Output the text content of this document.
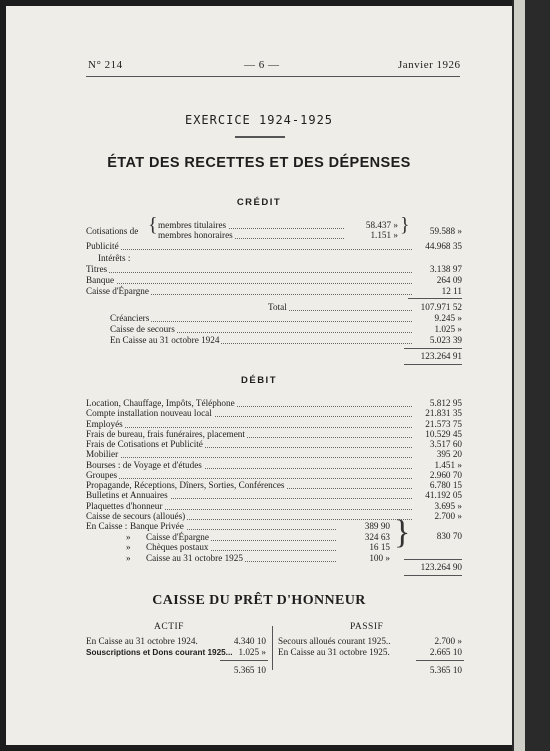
N° 214	— 6 —	Janvier 1926
EXERCICE 1924-1925
ÉTAT DES RECETTES ET DES DÉPENSES
CRÉDIT
Cotisations de { membres titulaires	58.437 »
membres honoraires	1.151 » }	59.588 »
Publicité	44.968 35
Intérêts :
Titres	3.138 97
Banque	264 09
Caisse d'Épargne	12 11
Total	107.971 52
Créanciers	9.245 »
Caisse de secours	1.025 »
En Caisse au 31 octobre 1924	5.023 39
123.264 91
DÉBIT
Location, Chauffage, Impôts, Téléphone	5.812 95
Compte installation nouveau local	21.831 35
Employés	21.573 75
Frais de bureau, frais funéraires, placement	10.529 45
Frais de Cotisations et Publicité	3.517 60
Mobilier	395 20
Bourses : de Voyage et d'études	1.451 »
Groupes	2.960 70
Propagande, Réceptions, Dîners, Sorties, Conférences	6.780 15
Bulletins et Annuaires	41.192 05
Plaquettes d'honneur	3.695 »
Caisse de secours (alloués)	2.700 »
En Caisse : Banque Privée	389 90
» Caisse d'Épargne	324 63
» Chèques postaux	16 15
» Caisse au 31 octobre 1925	100 »
}	830 70
123.264 90
CAISSE DU PRÊT D'HONNEUR
ACTIF	PASSIF
En Caisse au 31 octobre 1924.	4.340 10
Souscriptions et Dons courant 1925... 1.025 »
5.365 10
Secours alloués courant 1925..	2.700 »
En Caisse au 31 octobre 1925.	2.665 10
5.365 10
